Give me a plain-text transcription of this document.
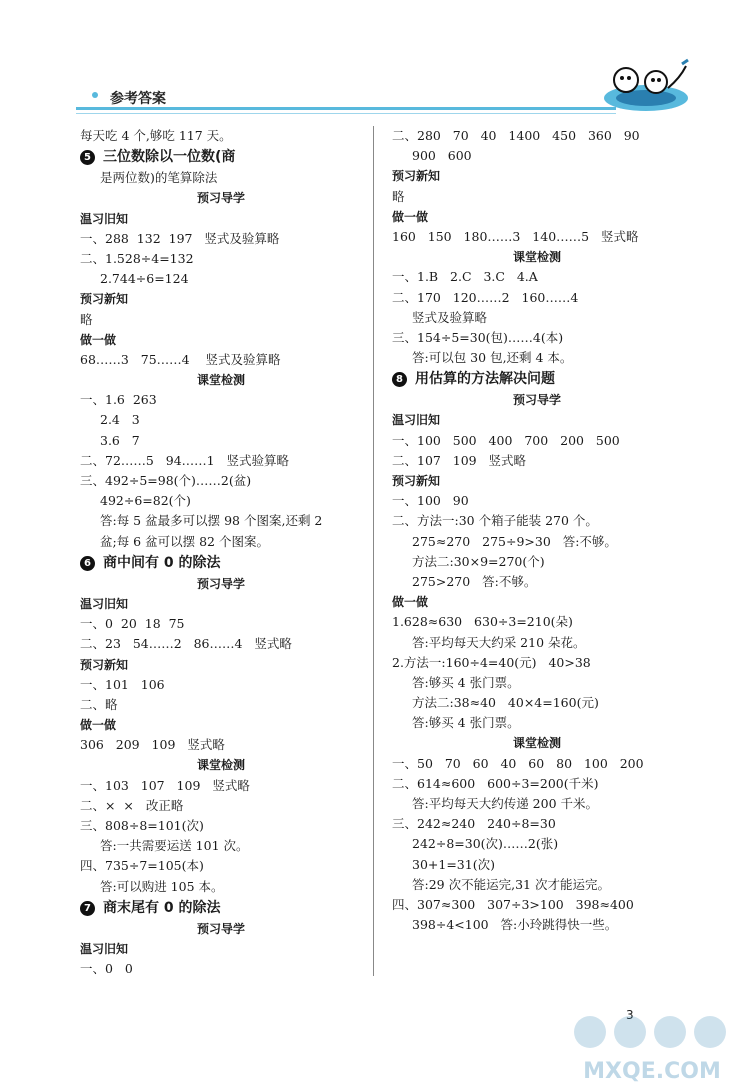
参考答案
每天吃 4 个,够吃 117 天。
5 三位数除以一位数(商
是两位数)的笔算除法
预习导学
温习旧知
一、288  132  197   竖式及验算略
二、1.528÷4=132
2.744÷6=124
预习新知
略
做一做
68……3   75……4    竖式及验算略
课堂检测
一、1.6  263
2.4   3
3.6   7
二、72……5   94……1   竖式验算略
三、492÷5=98(个)……2(盆)
492÷6=82(个)
答:每 5 盆最多可以摆 98 个图案,还剩 2
盆;每 6 盆可以摆 82 个图案。
6 商中间有 0 的除法
预习导学
温习旧知
一、0  20  18  75
二、23   54……2   86……4   竖式略
预习新知
一、101   106
二、略
做一做
306   209   109   竖式略
课堂检测
一、103   107   109   竖式略
二、×  ×   改正略
三、808÷8=101(次)
答:一共需要运送 101 次。
四、735÷7=105(本)
答:可以购进 105 本。
7 商末尾有 0 的除法
预习导学
温习旧知
一、0   0
二、280   70   40   1400   450   360   90
900   600
预习新知
略
做一做
160   150   180……3   140……5   竖式略
课堂检测
一、1.B   2.C   3.C   4.A
二、170   120……2   160……4
竖式及验算略
三、154÷5=30(包)……4(本)
答:可以包 30 包,还剩 4 本。
8 用估算的方法解决问题
预习导学
温习旧知
一、100   500   400   700   200   500
二、107   109   竖式略
预习新知
一、100   90
二、方法一:30 个箱子能装 270 个。
275≈270   275÷9>30   答:不够。
方法二:30×9=270(个)
275>270   答:不够。
做一做
1.628≈630   630÷3=210(朵)
答:平均每天大约采 210 朵花。
2.方法一:160÷4=40(元)   40>38
答:够买 4 张门票。
方法二:38≈40   40×4=160(元)
答:够买 4 张门票。
课堂检测
一、50   70   60   40   60   80   100   200
二、614≈600   600÷3=200(千米)
答:平均每天大约传递 200 千米。
三、242≈240   240÷8=30
242÷8=30(次)……2(张)
30+1=31(次)
答:29 次不能运完,31 次才能运完。
四、307≈300   307÷3>100   398≈400
398÷4<100   答:小玲跳得快一些。
3
MXQE.COM
